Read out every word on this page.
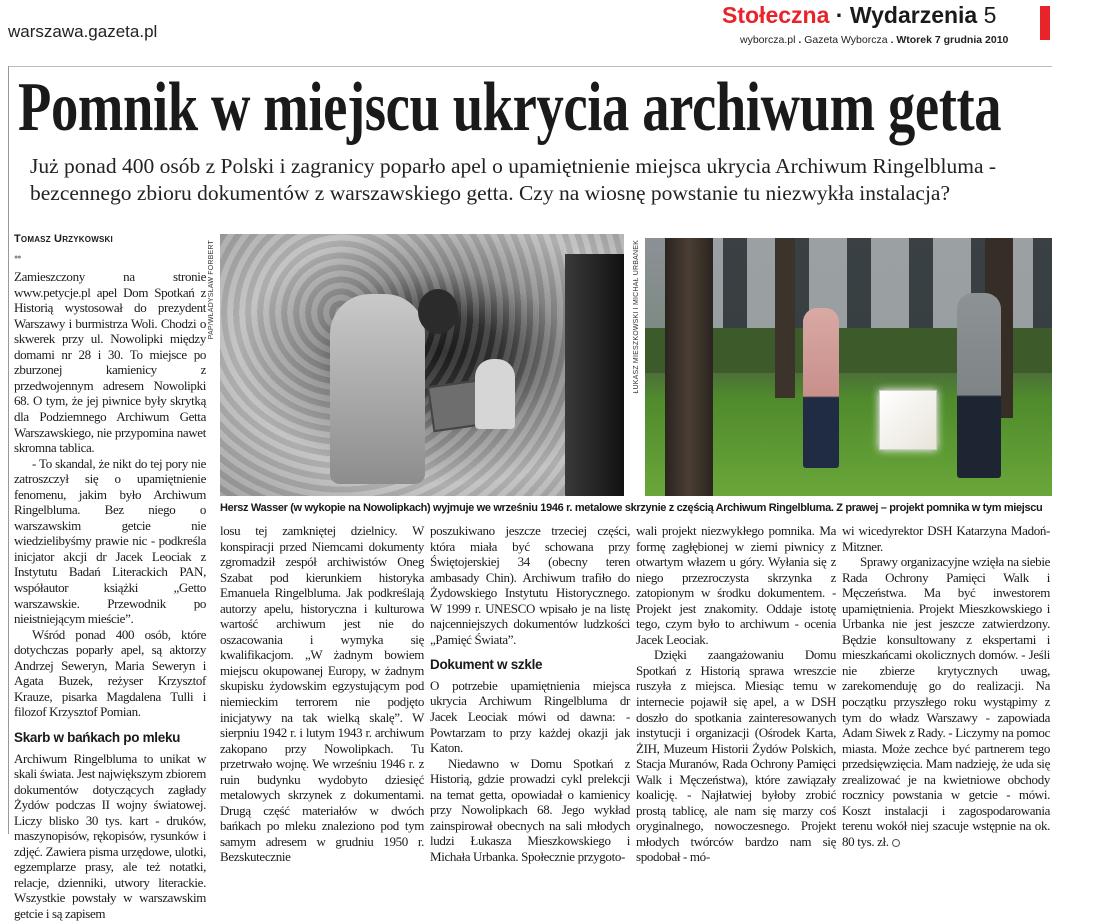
warszawa.gazeta.pl
Stołeczna · Wydarzenia 5
wyborcza.pl . Gazeta Wyborcza . Wtorek 7 grudnia 2010
Pomnik w miejscu ukrycia archiwum getta
Już ponad 400 osób z Polski i zagranicy poparło apel o upamiętnienie miejsca ukrycia Archiwum Ringelbluma - bezcennego zbioru dokumentów z warszawskiego getta. Czy na wiosnę powstanie tu niezwykła instalacja?
Tomasz Urzykowski
●●

Zamieszczony na stronie www.petycje.pl apel Dom Spotkań z Historią wystosował do prezydent Warszawy i burmistrza Woli. Chodzi o skwerek przy ul. Nowolipki między domami nr 28 i 30. To miejsce po zburzonej kamienicy z przedwojennym adresem Nowolipki 68. O tym, że jej piwnice były skrytką dla Podziemnego Archiwum Getta Warszawskiego, nie przypomina nawet skromna tablica.

- To skandal, że nikt do tej pory nie zatroszczył się o upamiętnienie fenomenu, jakim było Archiwum Ringelbluma. Bez niego o warszawskim getcie nie wiedzielibyśmy prawie nic - podkreśla inicjator akcji dr Jacek Leociak z Instytutu Badań Literackich PAN, współautor książki „Getto warszawskie. Przewodnik po nieistniejącym mieście”.

Wśród ponad 400 osób, które dotychczas poparły apel, są aktorzy Andrzej Seweryn, Maria Seweryn i Agata Buzek, reżyser Krzysztof Krauze, pisarka Magdalena Tulli i filozof Krzysztof Pomian.

Skarb w bańkach po mleku

Archiwum Ringelbluma to unikat w skali świata. Jest największym zbiorem dokumentów dotyczących zagłady Żydów podczas II wojny światowej. Liczy blisko 30 tys. kart - druków, maszynopisów, rękopisów, rysunków i zdjęć. Zawiera pisma urzędowe, ulotki, egzemplarze prasy, ale też notatki, relacje, dzienniki, utwory literackie. Wszystkie powstały w warszawskim getcie i są zapisem

PAP/WŁADYSŁAW FORBERT	ŁUKASZ MIESZKOWSKI I MICHAŁ URBANEK
Hersz Wasser (w wykopie na Nowolipkach) wyjmuje we wrześniu 1946 r. metalowe skrzynie z częścią Archiwum Ringelbluma. Z prawej – projekt pomnika w tym miejscu

losu tej zamkniętej dzielnicy. W konspiracji przed Niemcami dokumenty zgromadził zespół archiwistów Oneg Szabat pod kierunkiem historyka Emanuela Ringelbluma. Jak podkreślają autorzy apelu, historyczna i kulturowa wartość archiwum jest nie do oszacowania i wymyka się kwalifikacjom. „W żadnym bowiem miejscu okupowanej Europy, w żadnym skupisku żydowskim egzystującym pod niemieckim terrorem nie podjęto inicjatywy na tak wielką skalę”. W sierpniu 1942 r. i lutym 1943 r. archiwum zakopano przy Nowolipkach. Tu przetrwało wojnę. We wrześniu 1946 r. z ruin budynku wydobyto dziesięć metalowych skrzynek z dokumentami. Drugą część materiałów w dwóch bańkach po mleku znaleziono pod tym samym adresem w grudniu 1950 r. Bezskutecznie

poszukiwano jeszcze trzeciej części, która miała być schowana przy Świętojerskiej 34 (obecny teren ambasady Chin). Archiwum trafiło do Żydowskiego Instytutu Historycznego. W 1999 r. UNESCO wpisało je na listę najcenniejszych dokumentów ludzkości „Pamięć Świata”.

Dokument w szkle

O potrzebie upamiętnienia miejsca ukrycia Archiwum Ringelbluma dr Jacek Leociak mówi od dawna: - Powtarzam to przy każdej okazji jak Katon.

Niedawno w Domu Spotkań z Historią, gdzie prowadzi cykl prelekcji na temat getta, opowiadał o kamienicy przy Nowolipkach 68. Jego wykład zainspirował obecnych na sali młodych ludzi Łukasza Mieszkowskiego i Michała Urbanka. Społecznie przygoto-

wali projekt niezwykłego pomnika. Ma formę zagłębionej w ziemi piwnicy z otwartym włazem u góry. Wyłania się z niego przezroczysta skrzynka z zatopionym w środku dokumentem. - Projekt jest znakomity. Oddaje istotę tego, czym było to archiwum - ocenia Jacek Leociak.

Dzięki zaangażowaniu Domu Spotkań z Historią sprawa wreszcie ruszyła z miejsca. Miesiąc temu w internecie pojawił się apel, a w DSH doszło do spotkania zainteresowanych instytucji i organizacji (Ośrodek Karta, ŻIH, Muzeum Historii Żydów Polskich, Stacja Muranów, Rada Ochrony Pamięci Walk i Męczeństwa), które zawiązały koalicję. - Najłatwiej byłoby zrobić prostą tablicę, ale nam się marzy coś oryginalnego, nowoczesnego. Projekt młodych twórców bardzo nam się spodobał - mó-

wi wicedyrektor DSH Katarzyna Madoń-Mitzner.

Sprawy organizacyjne wzięła na siebie Rada Ochrony Pamięci Walk i Męczeństwa. Ma być inwestorem upamiętnienia. Projekt Mieszkowskiego i Urbanka nie jest jeszcze zatwierdzony. Będzie konsultowany z ekspertami i mieszkańcami okolicznych domów. - Jeśli nie zbierze krytycznych uwag, zarekomenduję go do realizacji. Na początku przyszłego roku wystąpimy z tym do władz Warszawy - zapowiada Adam Siwek z Rady. - Liczymy na pomoc miasta. Może zechce być partnerem tego przedsięwzięcia. Mam nadzieję, że uda się zrealizować je na kwietniowe obchody rocznicy powstania w getcie - mówi. Koszt instalacji i zagospodarowania terenu wokół niej szacuje wstępnie na ok. 80 tys. zł.
